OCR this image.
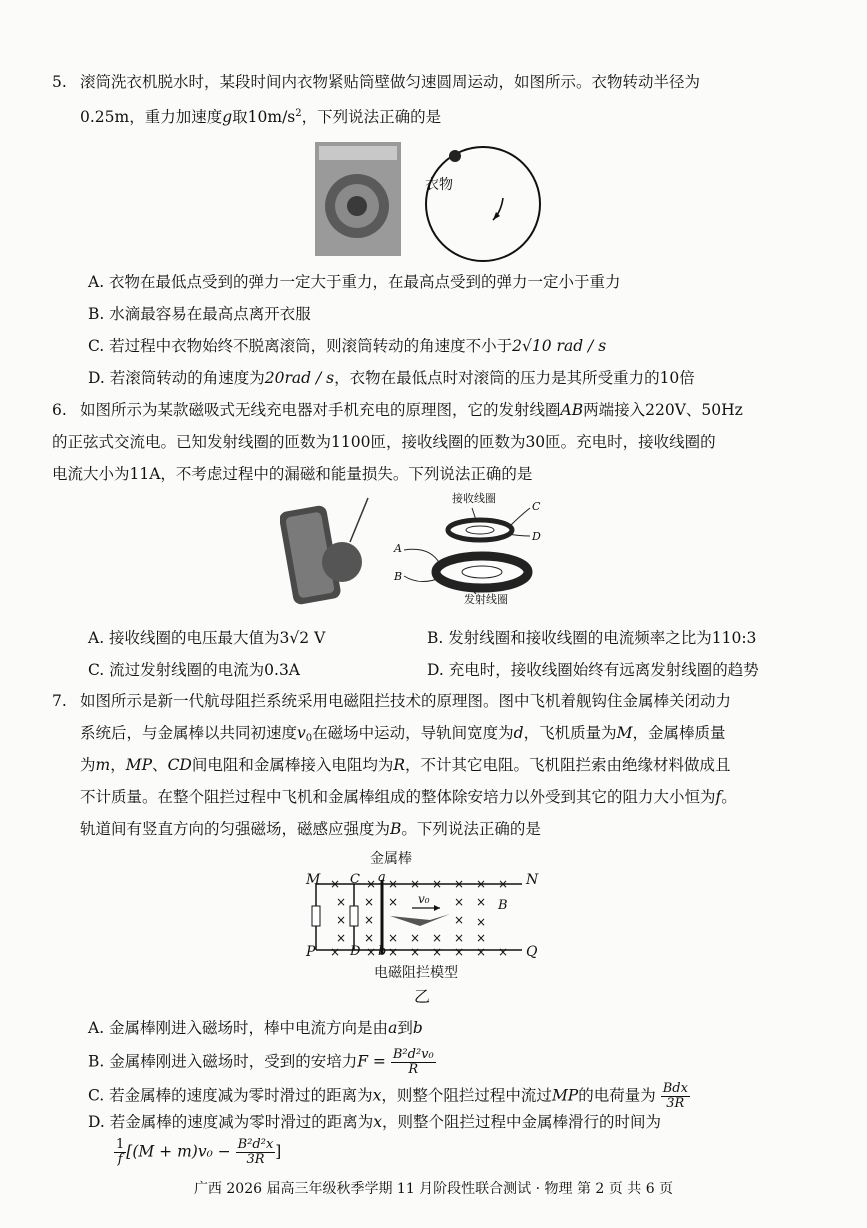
5. 滚筒洗衣机脱水时，某段时间内衣物紧贴筒壁做匀速圆周运动，如图所示。衣物转动半径为
0.25m，重力加速度g取$10m/s^2$，下列说法正确的是
衣物
A. 衣物在最低点受到的弹力一定大于重力，在最高点受到的弹力一定小于重力
B. 水滴最容易在最高点离开衣服
C. 若过程中衣物始终不脱离滚筒，则滚筒转动的角速度不小于2√10 rad / s
D. 若滚筒转动的角速度为20rad / s，衣物在最低点时对滚筒的压力是其所受重力的10倍
6. 如图所示为某款磁吸式无线充电器对手机充电的原理图，它的发射线圈AB两端接入220V、50Hz
的正弦式交流电。已知发射线圈的匝数为1100匝，接收线圈的匝数为30匝。充电时，接收线圈的
电流大小为11A，不考虑过程中的漏磁和能量损失。下列说法正确的是
接收线圈
发射线圈
A
B
C
D
A. 接收线圈的电压最大值为3√2 V	B. 发射线圈和接收线圈的电流频率之比为110:3
C. 流过发射线圈的电流为0.3A	D. 充电时，接收线圈始终有远离发射线圈的趋势
7. 如图所示是新一代航母阻拦系统采用电磁阻拦技术的原理图。图中飞机着舰钩住金属棒关闭动力
系统后，与金属棒以共同初速度$v_0$在磁场中运动，导轨间宽度为d，飞机质量为M，金属棒质量
为m，MP、CD间电阻和金属棒接入电阻均为R，不计其它电阻。飞机阻拦索由绝缘材料做成且
不计质量。在整个阻拦过程中飞机和金属棒组成的整体除安培力以外受到其它的阻力大小恒为f。
轨道间有竖直方向的匀强磁场，磁感应强度为B。下列说法正确的是
金属棒
× ×
×
×
×
×
×
×
× × × × × ×
×	× ×
× ×
× × × × ×
× × × × × × × ×
M	N
P	Q
C
D
a
b
B
v₀
电磁阻拦模型
乙
A. 金属棒刚进入磁场时，棒中电流方向是由a到b
B. 金属棒刚进入磁场时，受到的安培力$F = \frac{\text{B²d²v₀}}{R}$
C. 若金属棒的速度减为零时滑过的距离为x，则整个阻拦过程中流过MP的电荷量为 $\frac{\text{Bdx}}{3R}$
D. 若金属棒的速度减为零时滑过的距离为x，则整个阻拦过程中金属棒滑行的时间为
$\frac{1}{f} [(M + m)v_0 - \frac{\text{B²d²x}}{3R}$ ]
广西 2026 届高三年级秋季学期 11 月阶段性联合测试 · 物理 第 2 页 共 6 页
